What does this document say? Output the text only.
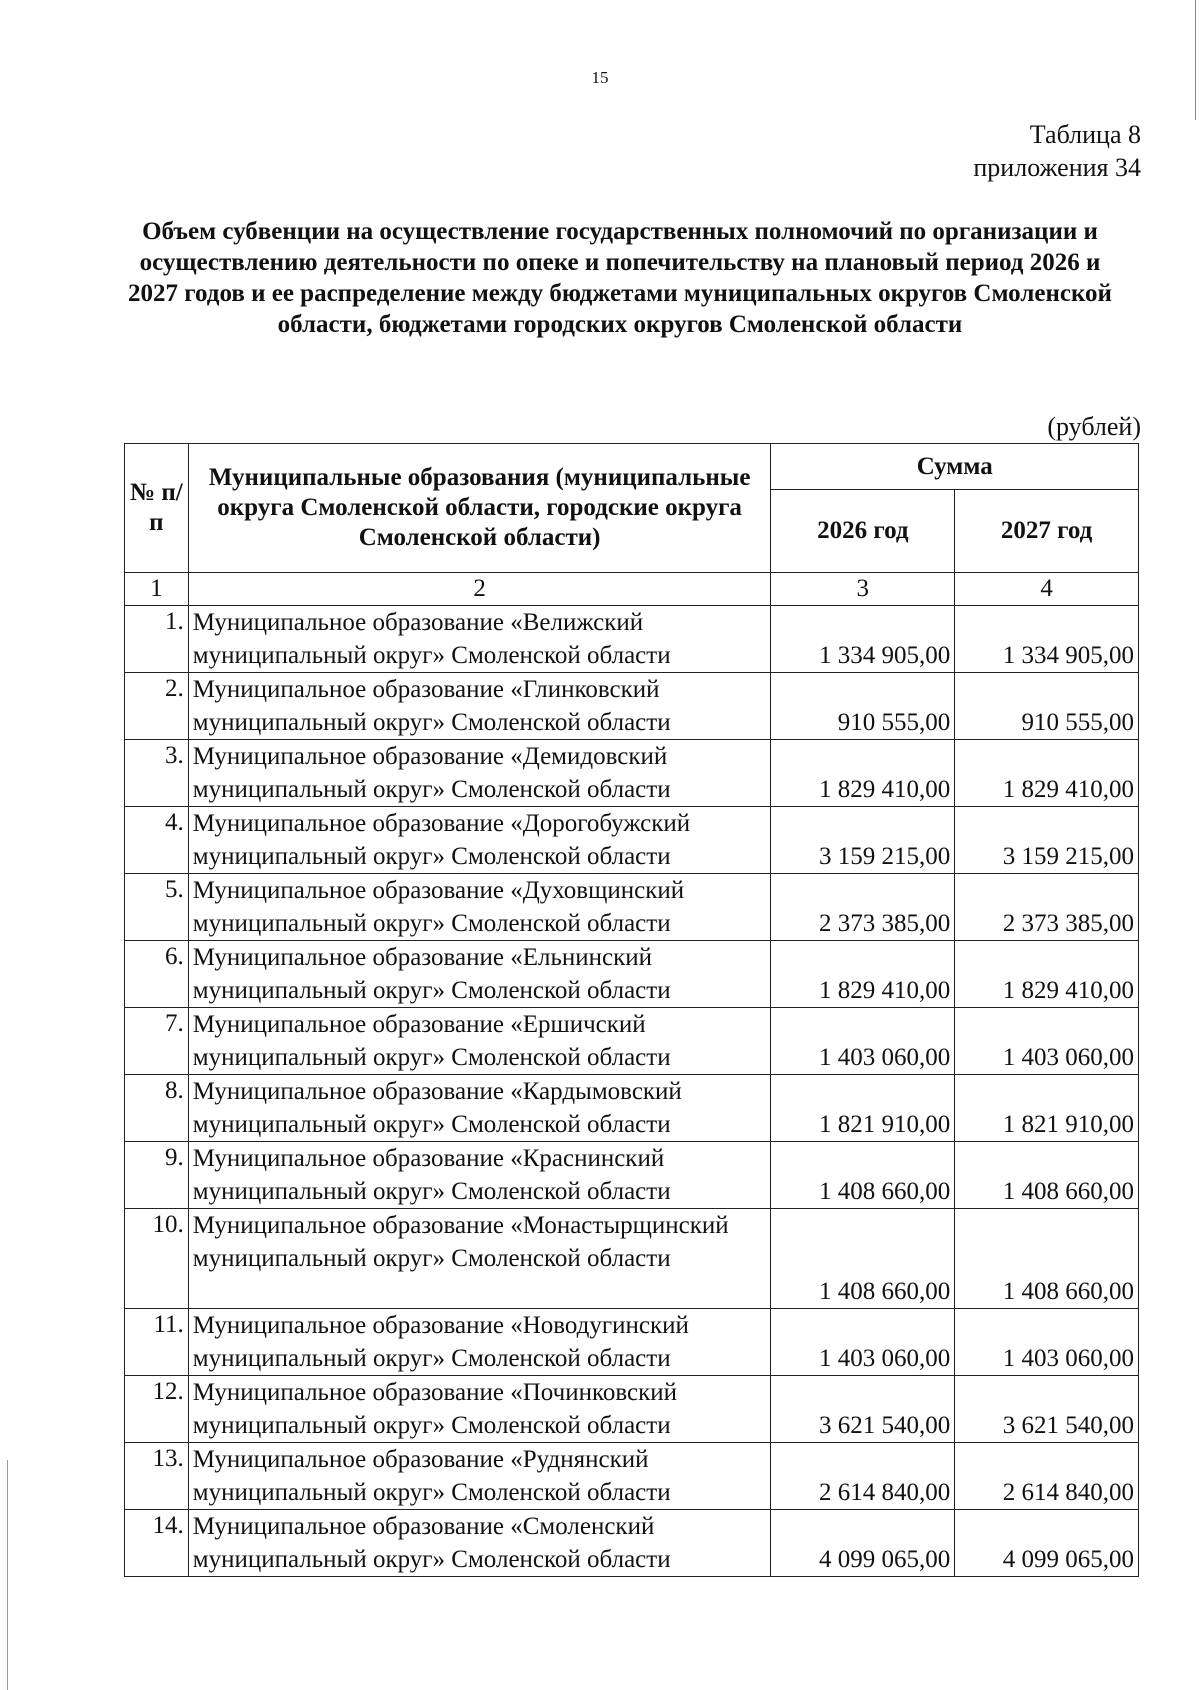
15
Таблица 8
приложения 34

Объем субвенции на осуществление государственных полномочий по организации и осуществлению деятельности по опеке и попечительству на плановый период 2026 и 2027 годов и ее распределение между бюджетами муниципальных округов Смоленской области, бюджетами городских округов Смоленской области

(рублей)
№ п/п	Муниципальные образования (муниципальные округа Смоленской области, городские округа Смоленской области)	Сумма	
		2026 год	2027 год
1	2	3	4
1.	Муниципальное образование «Велижский муниципальный округ» Смоленской области	1 334 905,00	1 334 905,00
2.	Муниципальное образование «Глинковский муниципальный округ» Смоленской области	910 555,00	910 555,00
3.	Муниципальное образование «Демидовский муниципальный округ» Смоленской области	1 829 410,00	1 829 410,00
4.	Муниципальное образование «Дорогобужский муниципальный округ» Смоленской области	3 159 215,00	3 159 215,00
5.	Муниципальное образование «Духовщинский муниципальный округ» Смоленской области	2 373 385,00	2 373 385,00
6.	Муниципальное образование «Ельнинский муниципальный округ» Смоленской области	1 829 410,00	1 829 410,00
7.	Муниципальное образование «Ершичский муниципальный округ» Смоленской области	1 403 060,00	1 403 060,00
8.	Муниципальное образование «Кардымовский муниципальный округ» Смоленской области	1 821 910,00	1 821 910,00
9.	Муниципальное образование «Краснинский муниципальный округ» Смоленской области	1 408 660,00	1 408 660,00
10.	Муниципальное образование «Монастырщинский муниципальный округ» Смоленской области	1 408 660,00	1 408 660,00
11.	Муниципальное образование «Новодугинский муниципальный округ» Смоленской области	1 403 060,00	1 403 060,00
12.	Муниципальное образование «Починковский муниципальный округ» Смоленской области	3 621 540,00	3 621 540,00
13.	Муниципальное образование «Руднянский муниципальный округ» Смоленской области	2 614 840,00	2 614 840,00
14.	Муниципальное образование «Смоленский муниципальный округ» Смоленской области	4 099 065,00	4 099 065,00
